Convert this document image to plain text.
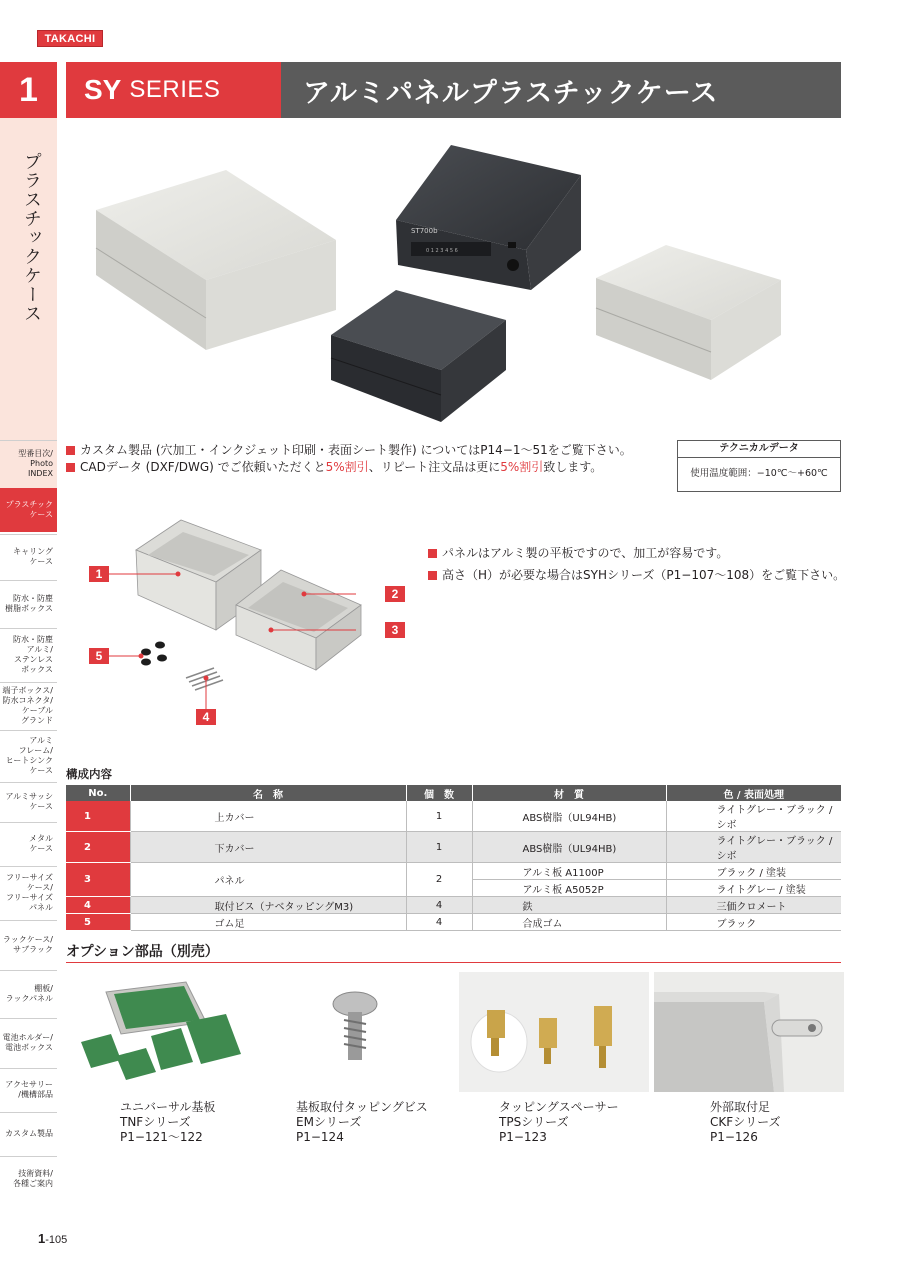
TAKACHI
1
プラスチックケース
型番目次/
Photo
INDEX
プラスチック
ケース
キャリング
ケース
防水・防塵
樹脂ボックス
防水・防塵
アルミ/
ステンレス
ボックス
端子ボックス/
防水コネクタ/
ケーブル
グランド
アルミ
フレーム/
ヒートシンク
ケース
アルミサッシ
ケース
メタル
ケース
フリーサイズ
ケース/
フリーサイズ
パネル
ラックケース/
サブラック
棚板/
ラックパネル
電池ホルダー/
電池ボックス
アクセサリー
/機構部品
カスタム製品
技術資料/
各種ご案内
SY SERIES	アルミパネルプラスチックケース
ST700b
0 1 2 3 4 5 6
カスタム製品 (穴加工・インクジェット印刷・表面シート製作) についてはP14−1〜51をご覧下さい。
CADデータ (DXF/DWG) でご依頼いただくと 5%割引 、リピート注文品は更に 5%割引 致します。
テクニカルデータ
使用温度範囲：−10℃〜+60℃
1
2
3
4
5
パネルはアルミ製の平板ですので、加工が容易です。
高さ（H）が必要な場合はSYHシリーズ（P1−107〜108）をご覧下さい。
構成内容
No.	名　称	個　数	材　質	色 / 表面処理
1	上カバー	1	ABS樹脂（UL94HB)	ライトグレー・ブラック / シボ
2	下カバー	1	ABS樹脂（UL94HB)	ライトグレー・ブラック / シボ
3	パネル	2	アルミ板 A1100P	ブラック / 塗装
			アルミ板 A5052P	ライトグレー / 塗装
4	取付ビス（ナベタッピングM3)	4	鉄	三価クロメート
5	ゴム足	4	合成ゴム	ブラック
オプション部品（別売）
ユニバーサル基板
TNFシリーズ
P1−121〜122
基板取付タッピングビス
EMシリーズ
P1−124
タッピングスペーサー
TPSシリーズ
P1−123
外部取付足
CKFシリーズ
P1−126
1-105
